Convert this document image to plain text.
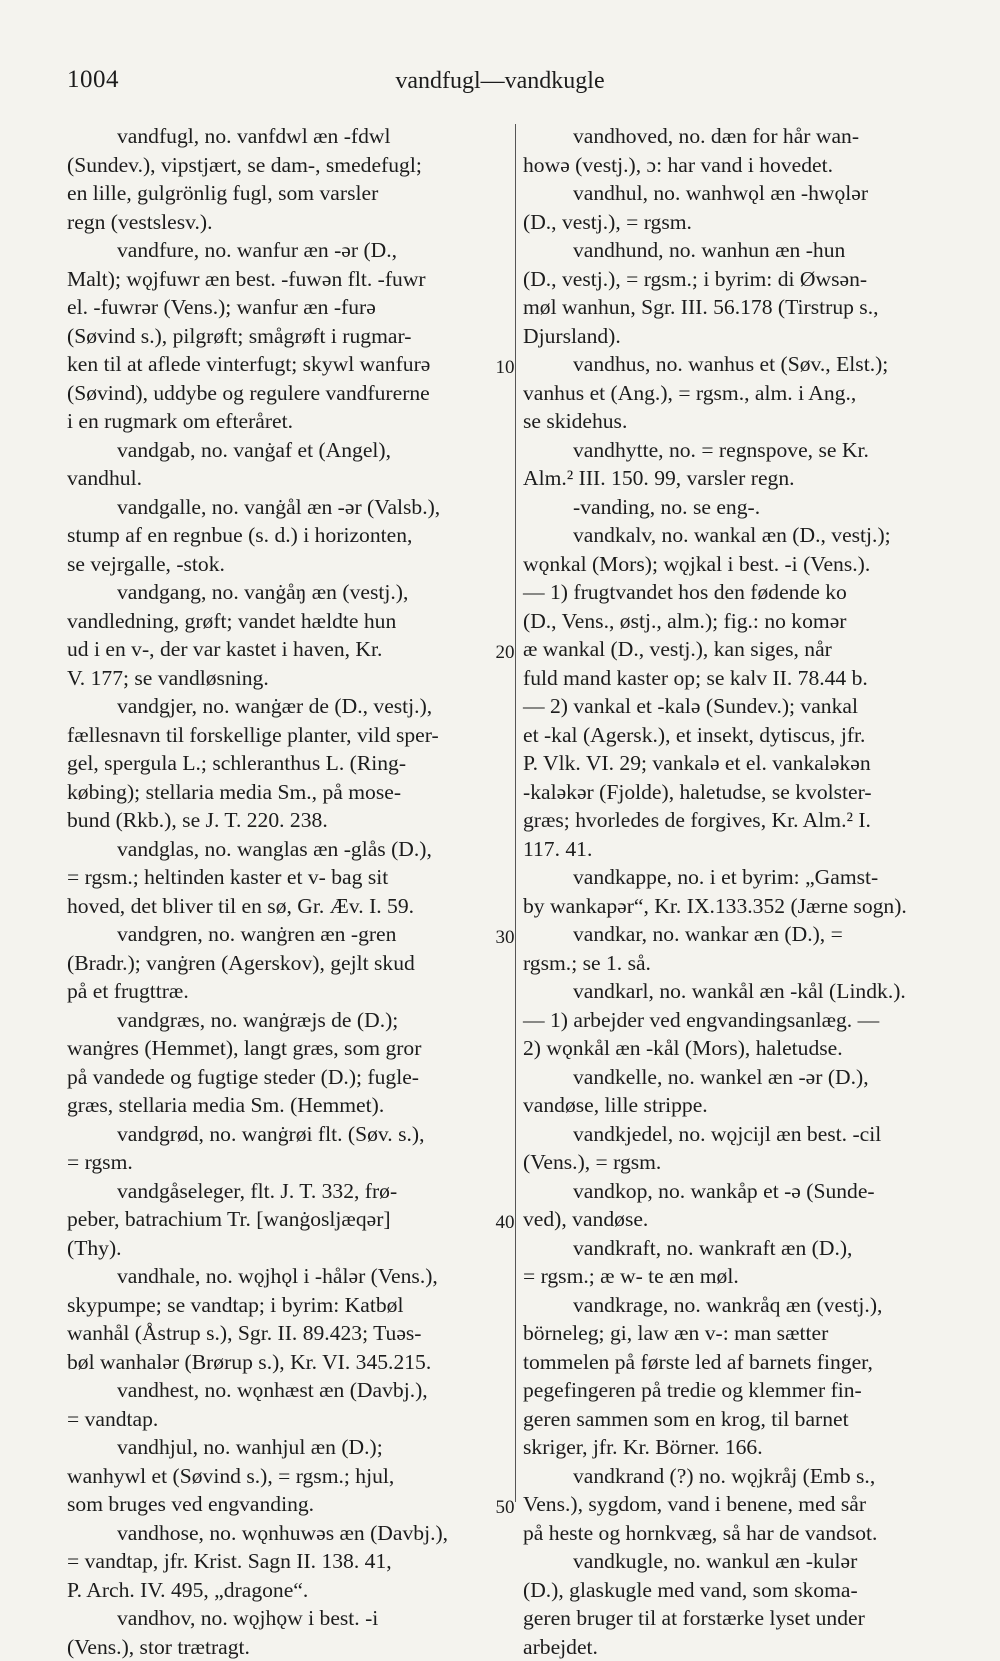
1004	vandfugl—vandkugle
vandfugl, no. vanfdwl æn -fdwl
(Sundev.), vipstjært, se dam-, smedefugl;
en lille, gulgrönlig fugl, som varsler
regn (vestslesv.).
vandfure, no. wanfur æn -ər (D.,
Malt); wǫjfuwr æn best. -fuwən flt. -fuwr
el. -fuwrər (Vens.); wanfur æn -furə
(Søvind s.), pilgrøft; smågrøft i rugmar-
ken til at aflede vinterfugt; skywl wanfurə
(Søvind), uddybe og regulere vandfurerne
i en rugmark om efteråret.
vandgab, no. vanġaf et (Angel),
vandhul.
vandgalle, no. vanġål æn -ər (Valsb.),
stump af en regnbue (s. d.) i horizonten,
se vejrgalle, -stok.
vandgang, no. vanġåŋ æn (vestj.),
vandledning, grøft; vandet hældte hun
ud i en v-, der var kastet i haven, Kr.
V. 177; se vandløsning.
vandgjer, no. wanġær de (D., vestj.),
fællesnavn til forskellige planter, vild sper-
gel, spergula L.; schleranthus L. (Ring-
købing); stellaria media Sm., på mose-
bund (Rkb.), se J. T. 220. 238.
vandglas, no. wanglas æn -glås (D.),
= rgsm.; heltinden kaster et v- bag sit
hoved, det bliver til en sø, Gr. Æv. I. 59.
vandgren, no. wanġren æn -gren
(Bradr.); vanġren (Agerskov), gejlt skud
på et frugttræ.
vandgræs, no. wanġræjs de (D.);
wanġres (Hemmet), langt græs, som gror
på vandede og fugtige steder (D.); fugle-
græs, stellaria media Sm. (Hemmet).
vandgrød, no. wanġrøi flt. (Søv. s.),
= rgsm.
vandgåseleger, flt. J. T. 332, frø-
peber, batrachium Tr. [wanġosljæqər]
(Thy).
vandhale, no. wǫjhǫl i -hålər (Vens.),
skypumpe; se vandtap; i byrim: Katbøl
wanhål (Åstrup s.), Sgr. II. 89.423; Tuəs-
bøl wanhalər (Brørup s.), Kr. VI. 345.215.
vandhest, no. wǫnhæst æn (Davbj.),
= vandtap.
vandhjul, no. wanhjul æn (D.);
wanhywl et (Søvind s.), = rgsm.; hjul,
som bruges ved engvanding.
vandhose, no. wǫnhuwəs æn (Davbj.),
= vandtap, jfr. Krist. Sagn II. 138. 41,
P. Arch. IV. 495, „dragone“.
vandhov, no. wǫjhǫw i best. -i
(Vens.), stor trætragt.
vandhoved, no. dæn for hår wan-
howə (vestj.), ɔ: har vand i hovedet.
vandhul, no. wanhwǫl æn -hwǫlər
(D., vestj.), = rgsm.
vandhund, no. wanhun æn -hun
(D., vestj.), = rgsm.; i byrim: di Øwsən-
møl wanhun, Sgr. III. 56.178 (Tirstrup s.,
Djursland).
vandhus, no. wanhus et (Søv., Elst.);
vanhus et (Ang.), = rgsm., alm. i Ang.,
se skidehus.
vandhytte, no. = regnspove, se Kr.
Alm.² III. 150. 99, varsler regn.
-vanding, no. se eng-.
vandkalv, no. wankal æn (D., vestj.);
wǫnkal (Mors); wǫjkal i best. -i (Vens.).
— 1) frugtvandet hos den fødende ko
(D., Vens., østj., alm.); fig.: no komər
æ wankal (D., vestj.), kan siges, når
fuld mand kaster op; se kalv II. 78.44 b.
— 2) vankal et -kalə (Sundev.); vankal
et -kal (Agersk.), et insekt, dytiscus, jfr.
P. Vlk. VI. 29; vankalə et el. vankaləkən
-kaləkər (Fjolde), haletudse, se kvolster-
græs; hvorledes de forgives, Kr. Alm.² I.
117. 41.
vandkappe, no. i et byrim: „Gamst-
by wankapər“, Kr. IX.133.352 (Jærne sogn).
vandkar, no. wankar æn (D.), =
rgsm.; se 1. så.
vandkarl, no. wankål æn -kål (Lindk.).
— 1) arbejder ved engvandingsanlæg. —
2) wǫnkål æn -kål (Mors), haletudse.
vandkelle, no. wankel æn -ər (D.),
vandøse, lille strippe.
vandkjedel, no. wǫjcijl æn best. -cil
(Vens.), = rgsm.
vandkop, no. wankåp et -ə (Sunde-
ved), vandøse.
vandkraft, no. wankraft æn (D.),
= rgsm.; æ w- te æn møl.
vandkrage, no. wankråq æn (vestj.),
börneleg; gi, law æn v-: man sætter
tommelen på første led af barnets finger,
pegefingeren på tredie og klemmer fin-
geren sammen som en krog, til barnet
skriger, jfr. Kr. Börner. 166.
vandkrand (?) no. wǫjkråj (Emb s.,
Vens.), sygdom, vand i benene, med sår
på heste og hornkvæg, så har de vandsot.
vandkugle, no. wankul æn -kulər
(D.), glaskugle med vand, som skoma-
geren bruger til at forstærke lyset under
arbejdet.
10
20
30
40
50
